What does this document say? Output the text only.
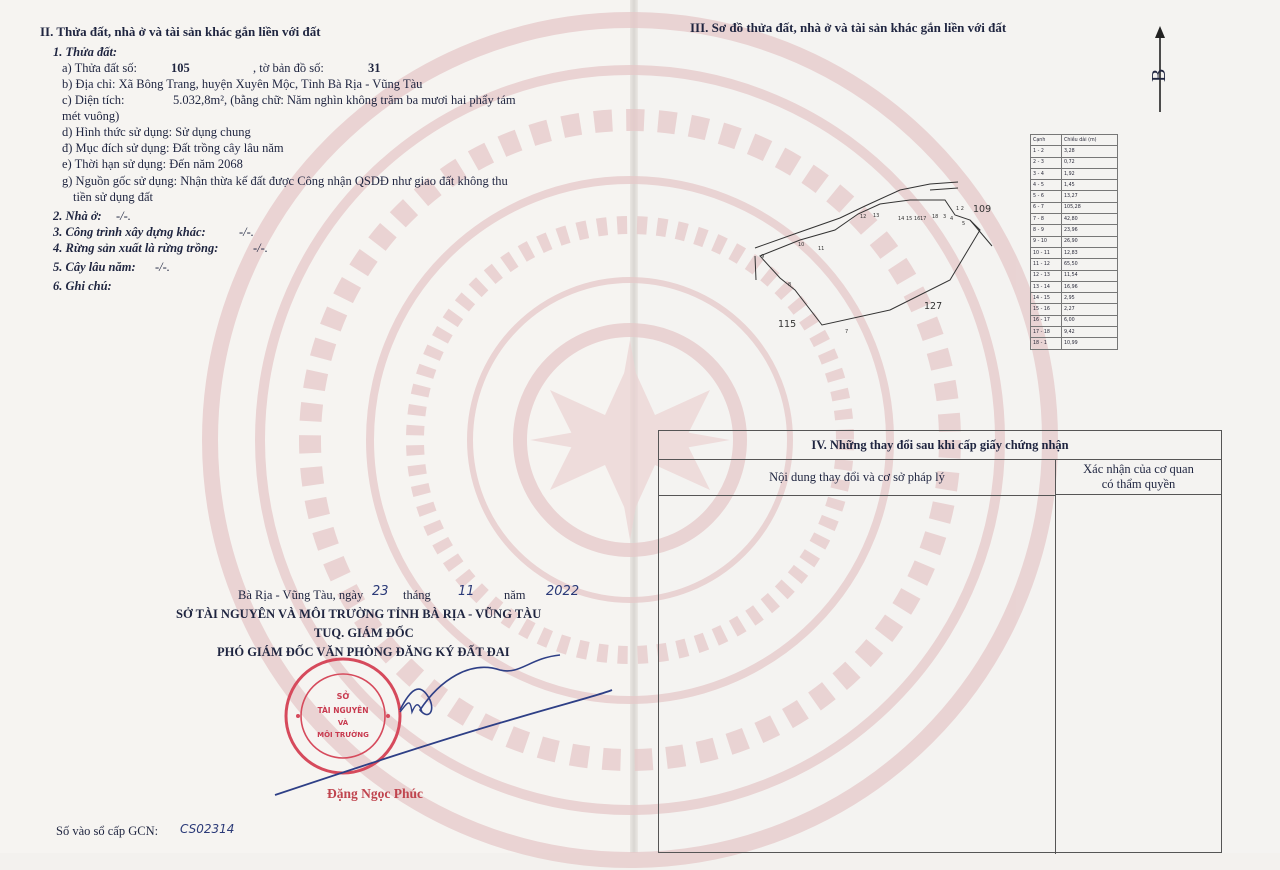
II. Thửa đất, nhà ở và tài sản khác gắn liền với đất
1. Thửa đất:
a) Thửa đất số:	105	, tờ bản đồ số:	31
b) Địa chỉ: Xã Bông Trang, huyện Xuyên Mộc, Tỉnh Bà Rịa - Vũng Tàu
c) Diện tích:	5.032,8m², (bằng chữ: Năm nghìn không trăm ba mươi hai phẩy tám
mét vuông)
d) Hình thức sử dụng: Sử dụng chung
đ) Mục đích sử dụng: Đất trồng cây lâu năm
e) Thời hạn sử dụng: Đến năm 2068
g) Nguồn gốc sử dụng: Nhận thừa kế đất được Công nhận QSDĐ như giao đất không thu
tiền sử dụng đất
2. Nhà ở: -/-.
3. Công trình xây dựng khác:	-/-.
4. Rừng sản xuất là rừng trồng:	-/-.
5. Cây lâu năm: -/-.
6. Ghi chú:
Bà Rịa - Vũng Tàu, ngày 23 tháng 11 năm 2022
SỞ TÀI NGUYÊN VÀ MÔI TRƯỜNG TỈNH BÀ RỊA - VŨNG TÀU
TUQ. GIÁM ĐỐC
PHÓ GIÁM ĐỐC VĂN PHÒNG ĐĂNG KÝ ĐẤT ĐAI
SỞ
TÀI NGUYÊN
VÀ
MÔI TRƯỜNG
Đặng Ngọc Phúc
Số vào sổ cấp GCN: CS02314
III. Sơ đồ thửa đất, nhà ở và tài sản khác gắn liền với đất
B
Cạnh	Chiều dài (m)
1 - 2	3,28
2 - 3	0,72
3 - 4	1,92
4 - 5	1,45
5 - 6	13,27
6 - 7	105,28
7 - 8	42,80
8 - 9	23,96
9 - 10	26,90
10 - 11	12,83
11 - 12	65,50
12 - 13	11,54
13 - 14	16,96
14 - 15	2,95
15 - 16	2,27
16 - 17	6,00
17 - 18	9,42
18 - 1	10,99
9
10
11
12 13	14 15 16 17 18 3 4
5
8
7
1 2 109
127
115
IV. Những thay đổi sau khi cấp giấy chứng nhận
Nội dung thay đổi và cơ sở pháp lý
Xác nhận của cơ quan
có thẩm quyền
